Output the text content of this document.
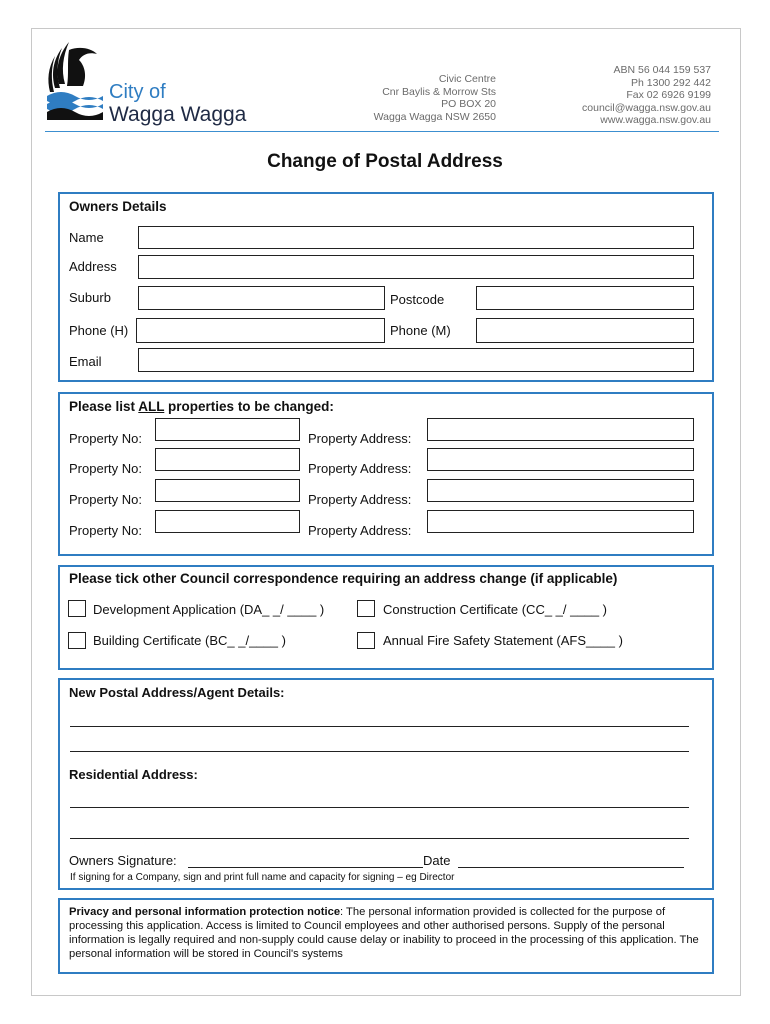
City of
Wagga Wagga
Civic Centre
Cnr Baylis & Morrow Sts
PO BOX 20
Wagga Wagga NSW 2650
ABN 56 044 159 537
Ph 1300 292 442
Fax 02 6926 9199
council@wagga.nsw.gov.au
www.wagga.nsw.gov.au
Change of Postal Address
Owners Details
Name
Address
Suburb	Postcode
Phone (H)	Phone (M)
Email
Please list ALL properties to be changed:
Property No:	Property Address:
Property No:	Property Address:
Property No:	Property Address:
Property No:	Property Address:
Please tick other Council correspondence requiring an address change (if applicable)
Development Application (DA_ _/ ____ )	Construction Certificate (CC_ _/ ____ )
Building Certificate (BC_ _/____ )	Annual Fire Safety Statement (AFS____ )
New Postal Address/Agent Details:
Residential Address:
Owners Signature:	Date
If signing for a Company, sign and print full name and capacity for signing – eg Director
Privacy and personal information protection notice: The personal information provided is collected for the purpose of processing this application. Access is limited to Council employees and other authorised persons. Supply of the personal information is legally required and non-supply could cause delay or inability to proceed in the processing of this application. The personal information will be stored in Council's systems
